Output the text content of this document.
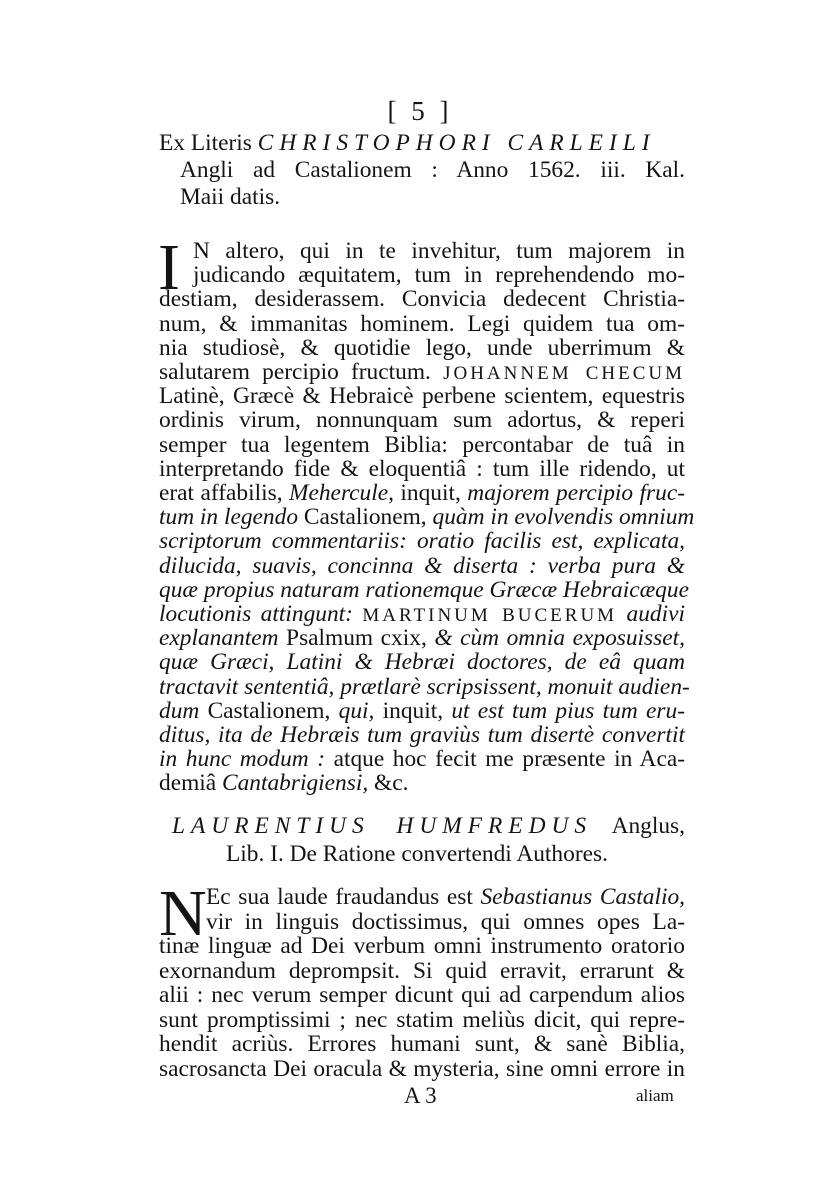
[ 5 ]
Ex Literis CHRISTOPHORI CARLEILI
Angli ad Castalionem : Anno 1562. iii. Kal.
Maii datis.
I N altero, qui in te invehitur, tum majorem in
judicando æquitatem, tum in reprehendendo mo-
destiam, desiderassem. Convicia dedecent Christia-
num, & immanitas hominem. Legi quidem tua om-
nia studiosè, & quotidie lego, unde uberrimum &
salutarem percipio fructum. JOHANNEM CHECUM
Latinè, Græcè & Hebraicè perbene scientem, equestris
ordinis virum, nonnunquam sum adortus, & reperi
semper tua legentem Biblia: percontabar de tuâ in
interpretando fide & eloquentiâ : tum ille ridendo, ut
erat affabilis, Mehercule, inquit, majorem percipio fruc-
tum in legendo Castalionem, quàm in evolvendis omnium
scriptorum commentariis: oratio facilis est, explicata,
dilucida, suavis, concinna & diserta : verba pura &
quæ propius naturam rationemque Græcæ Hebraicæque
locutionis attingunt: MARTINUM BUCERUM audivi
explanantem Psalmum cxix, & cùm omnia exposuisset,
quæ Græci, Latini & Hebræi doctores, de eâ quam
tractavit sententiâ, prætlarè scripsissent, monuit audien-
dum Castalionem, qui, inquit, ut est tum pius tum eru-
ditus, ita de Hebræis tum graviùs tum disertè convertit
in hunc modum : atque hoc fecit me præsente in Aca-
demiâ Cantabrigiensi, &c.
LAURENTIUS HUMFREDUS Anglus,
Lib. I. De Ratione convertendi Authores.
N Ec sua laude fraudandus est Sebastianus Castalio,
vir in linguis doctissimus, qui omnes opes La-
tinæ linguæ ad Dei verbum omni instrumento oratorio
exornandum deprompsit. Si quid erravit, errarunt &
alii : nec verum semper dicunt qui ad carpendum alios
sunt promptissimi ; nec statim meliùs dicit, qui repre-
hendit acriùs. Errores humani sunt, & sanè Biblia,
sacrosancta Dei oracula & mysteria, sine omni errore in
A 3	aliam
